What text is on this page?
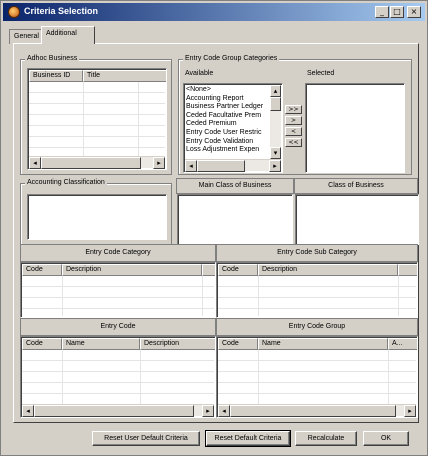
Criteria Selection	_	□	×
General	Additional
Adhoc Business
Business ID	Title
◂	▸
Entry Code Group Categories
Available	Selected
<None>
Accounting Report
Business Partner Ledger
Ceded Facultative Prem
Ceded Premium
Entry Code User Restric
Entry Code Validation
Loss Adjustment Expen
▴
▾
◂	▸
>>
>
<
<<
Accounting Classification	Main Class of Business	Class of Business
Entry Code Category
Code	Description
Entry Code Sub Category
Code	Description
Entry Code
Code	Name	Description
◂	▸
Entry Code Group
Code	Name	A...
◂	▸
Reset User Default Criteria	Reset Default Criteria	Recalculate	OK
